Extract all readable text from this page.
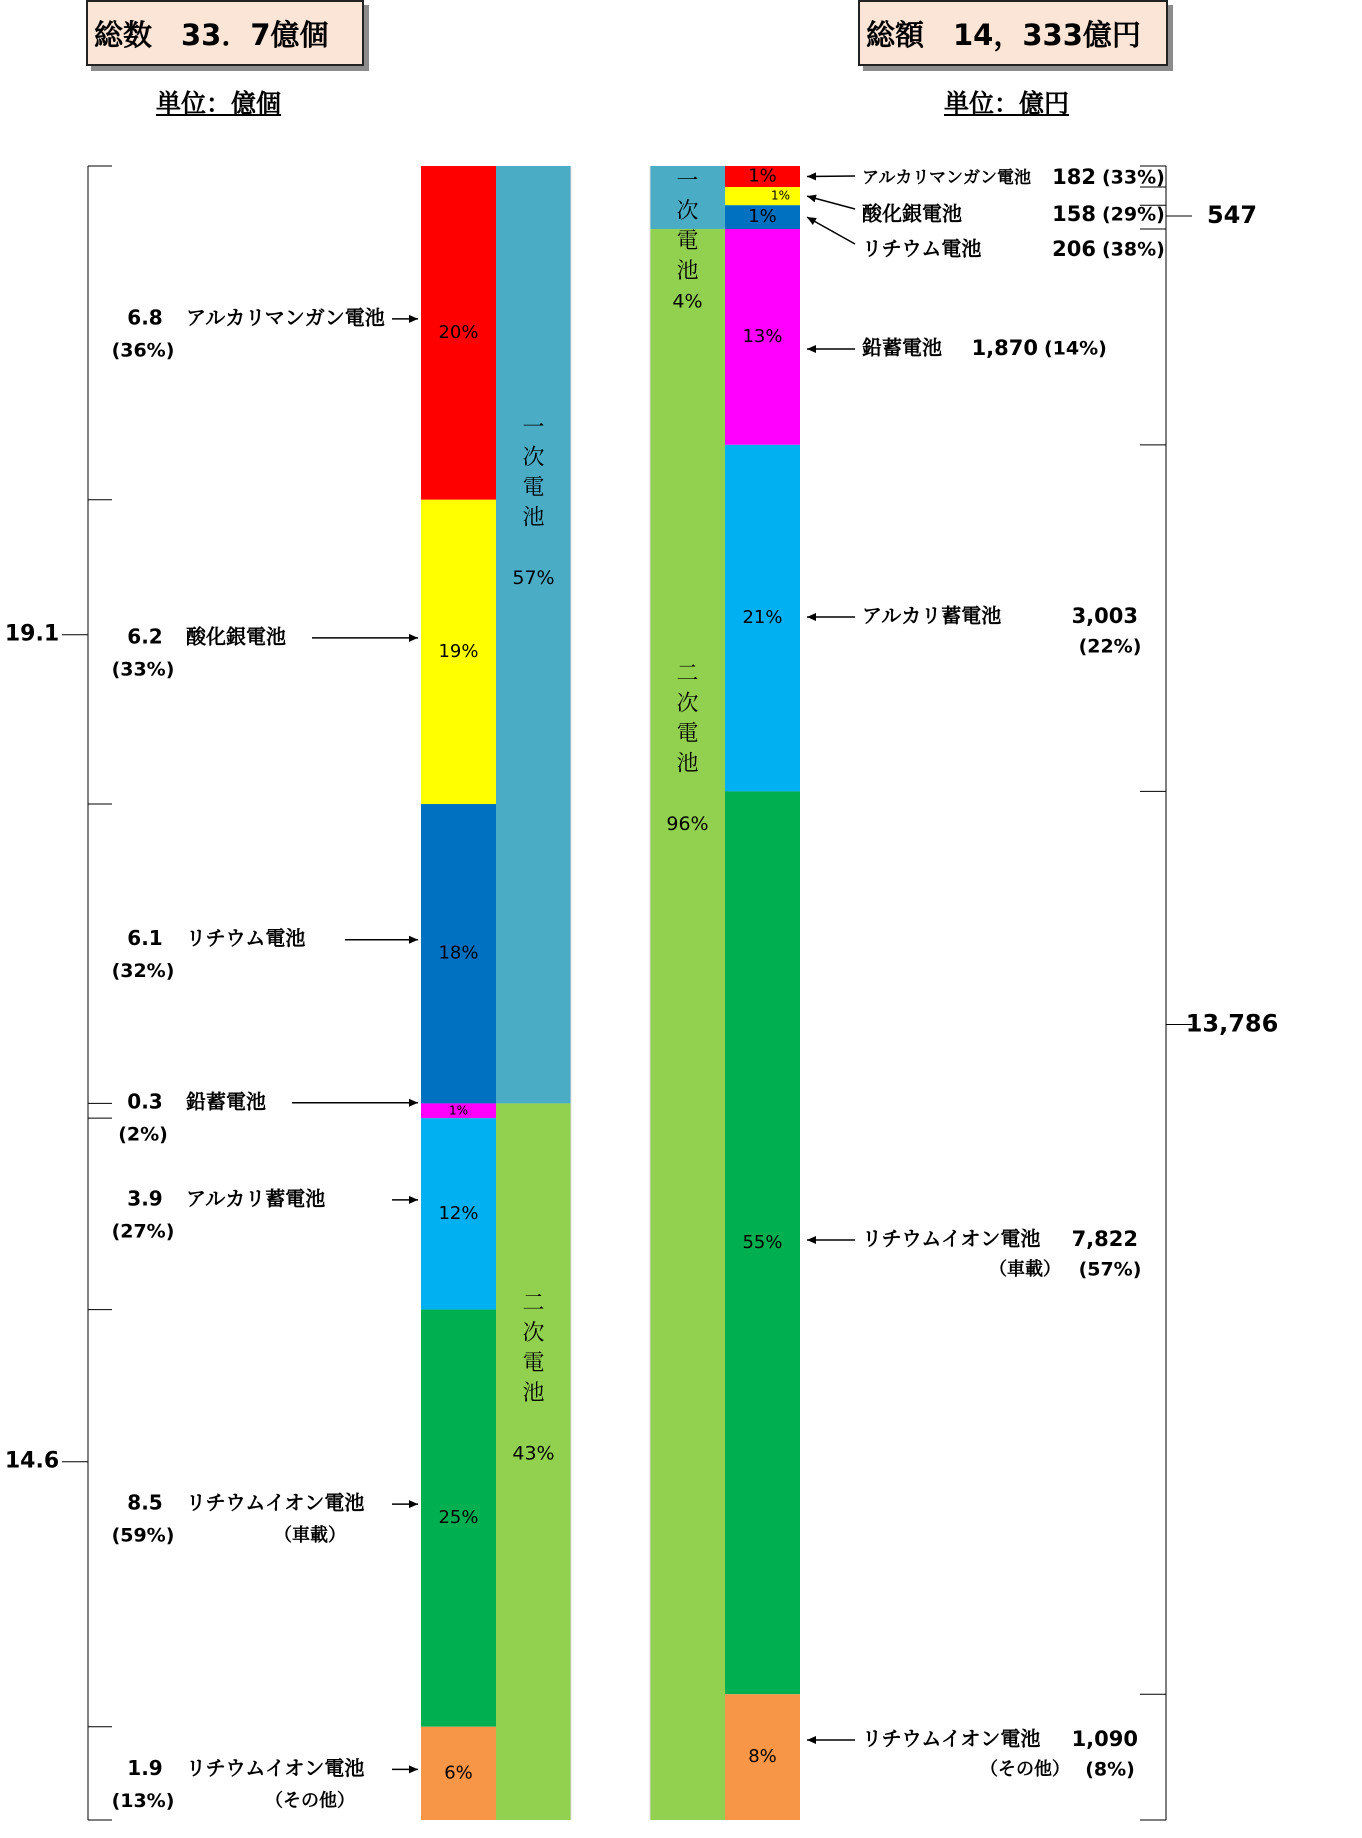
総数　33．7億個	総額　14，333億円
単位：億個	単位：億円
20%
19%
18%
1%
12%
25%
6%
一
次
電
池
57%
二
次
電
池
43%
1%
1%
1%
13%
21%
55%
8%
一
次
電
池
4%
二
次
電
池
96%
6.8 アルカリマンガン電池
(36%)
6.2 酸化銀電池
(33%)
6.1 リチウム電池
(32%)
0.3 鉛蓄電池
(2%)
3.9 アルカリ蓄電池
(27%)
8.5 リチウムイオン電池
(59%)	（車載）
1.9 リチウムイオン電池
(13%)	（その他）
19.1
14.6
アルカリマンガン電池 182 (33%)
酸化銀電池	158 (29%)
リチウム電池	206 (38%)
鉛蓄電池 1,870 (14%)
アルカリ蓄電池	3,003
(22%)
リチウムイオン電池 7,822
(57%)
（車載）
リチウムイオン電池 1,090
(8%)
（その他）
547
13,786
